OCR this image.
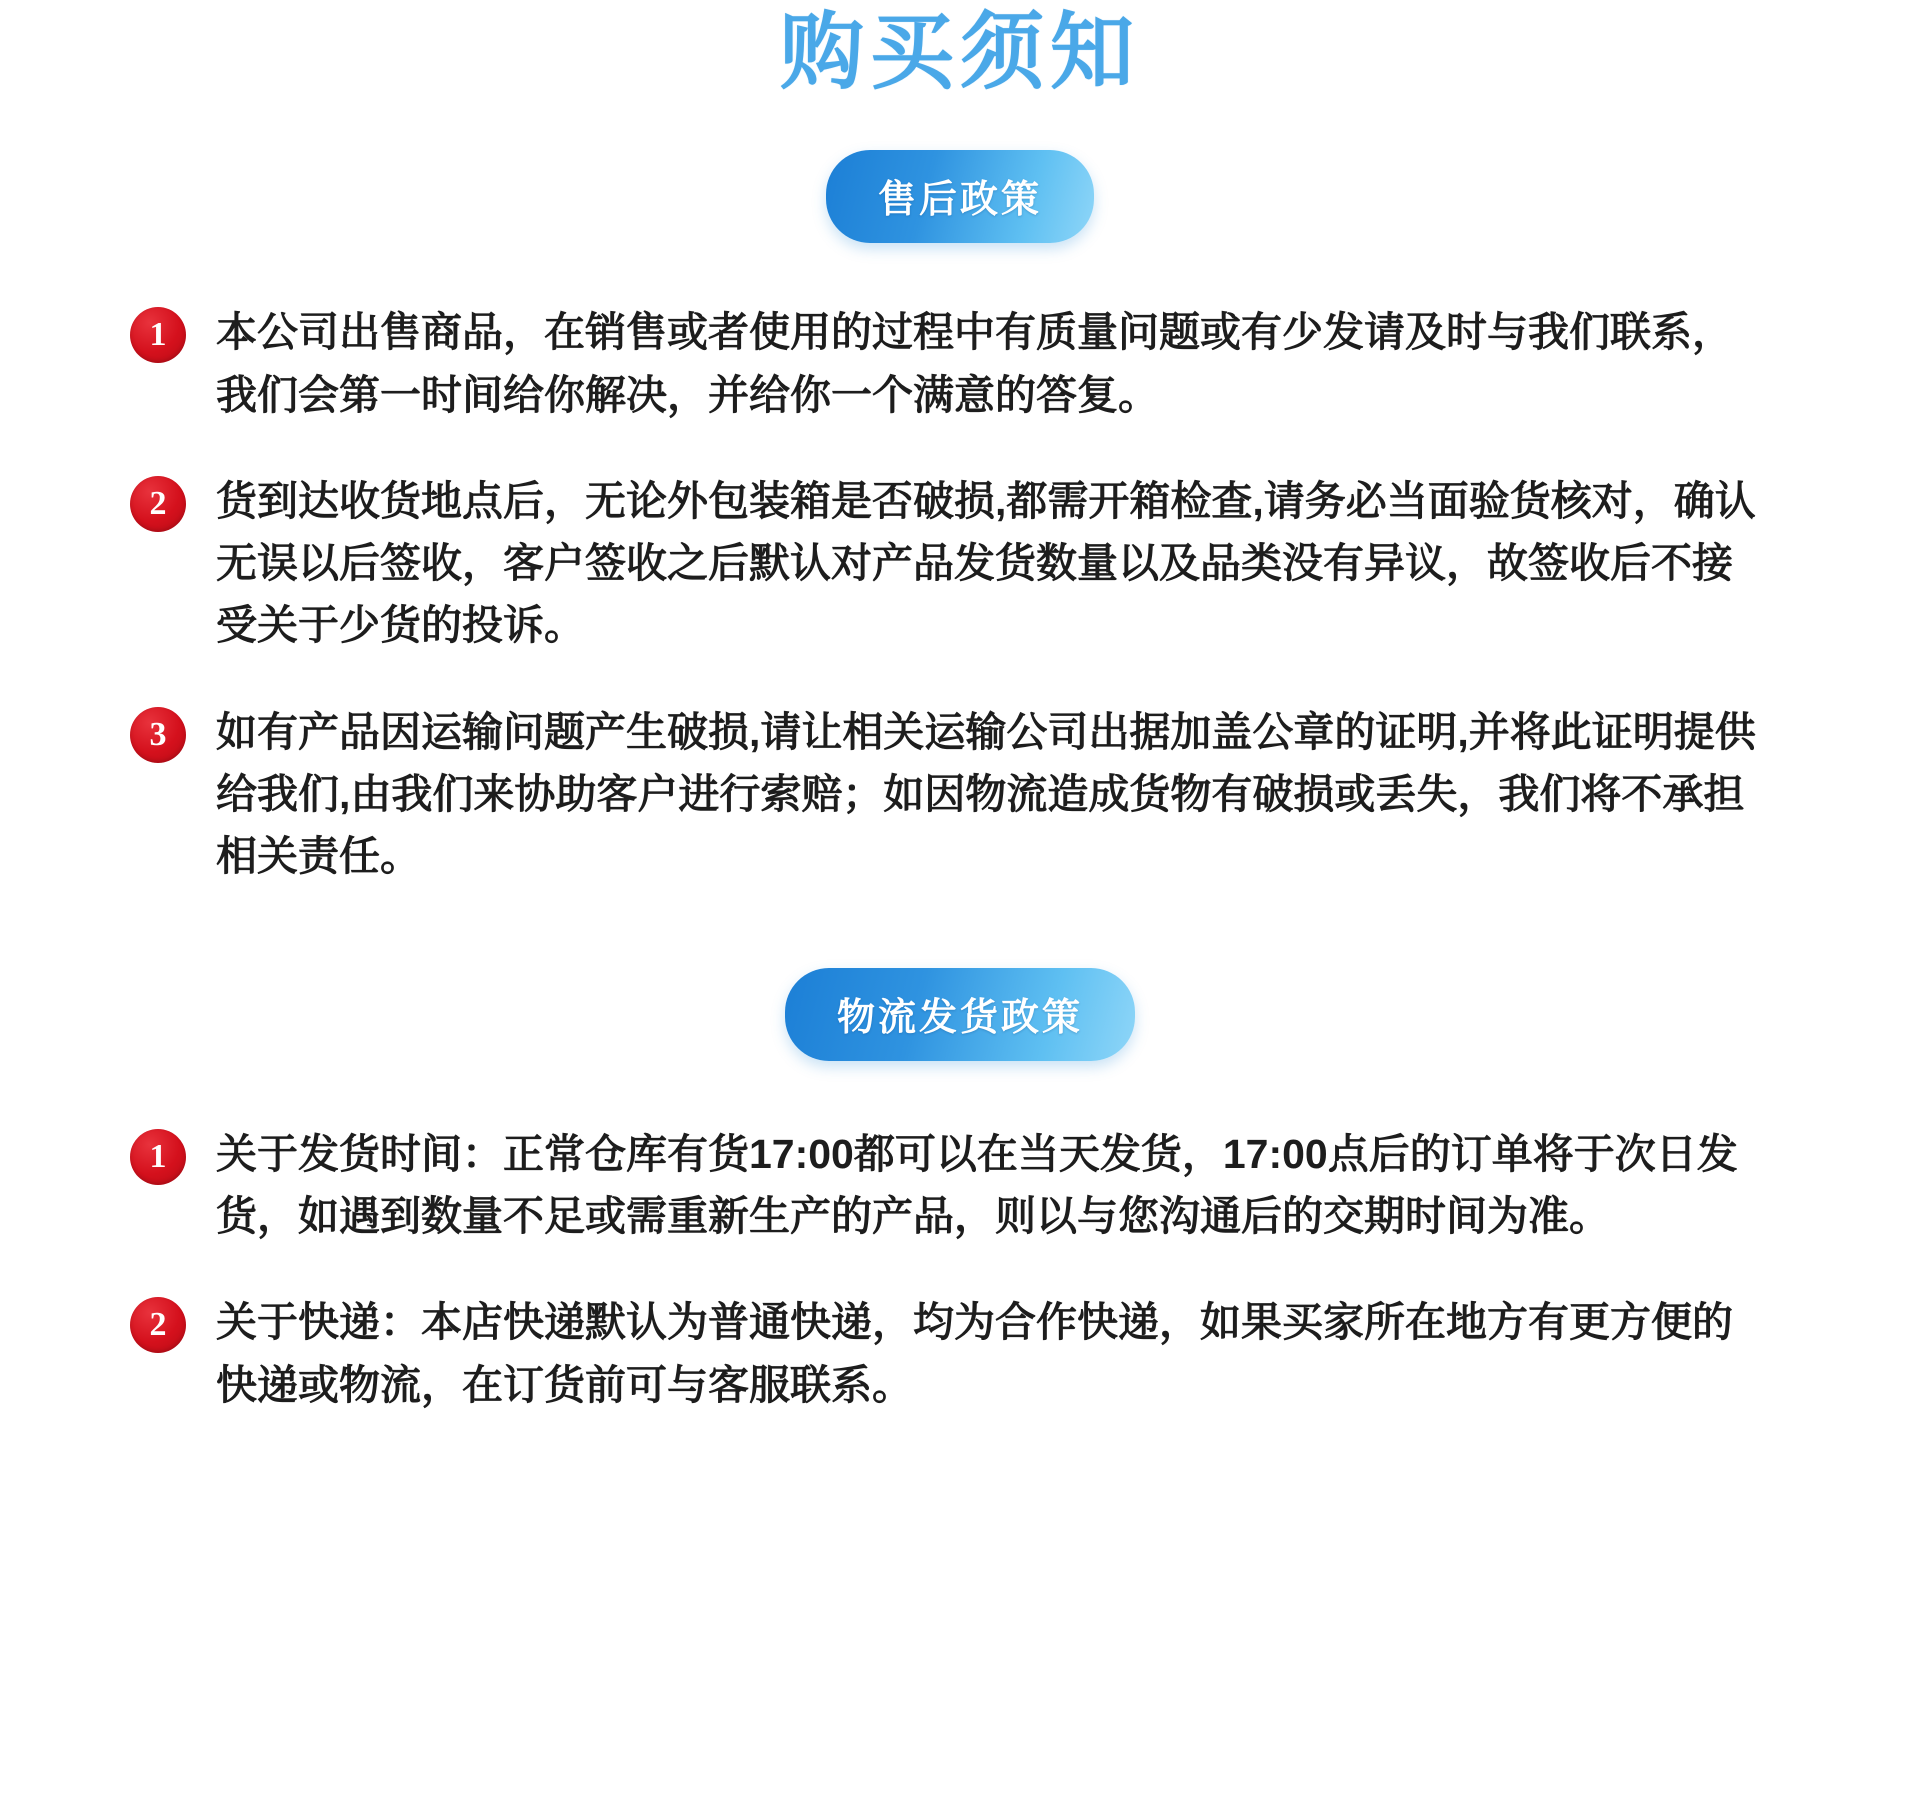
购买须知
售后政策
1	本公司出售商品，在销售或者使用的过程中有质量问题或有少发请及时与我们联系，我们会第一时间给你解决，并给你一个满意的答复。
2	货到达收货地点后，无论外包装箱是否破损,都需开箱检查,请务必当面验货核对，确认无误以后签收，客户签收之后默认对产品发货数量以及品类没有异议，故签收后不接受关于少货的投诉。
3	如有产品因运输问题产生破损,请让相关运输公司出据加盖公章的证明,并将此证明提供给我们,由我们来协助客户进行索赔；如因物流造成货物有破损或丢失，我们将不承担相关责任。
物流发货政策
1	关于发货时间：正常仓库有货17:00都可以在当天发货，17:00点后的订单将于次日发货，如遇到数量不足或需重新生产的产品，则以与您沟通后的交期时间为准。
2	关于快递：本店快递默认为普通快递，均为合作快递，如果买家所在地方有更方便的快递或物流，在订货前可与客服联系。
